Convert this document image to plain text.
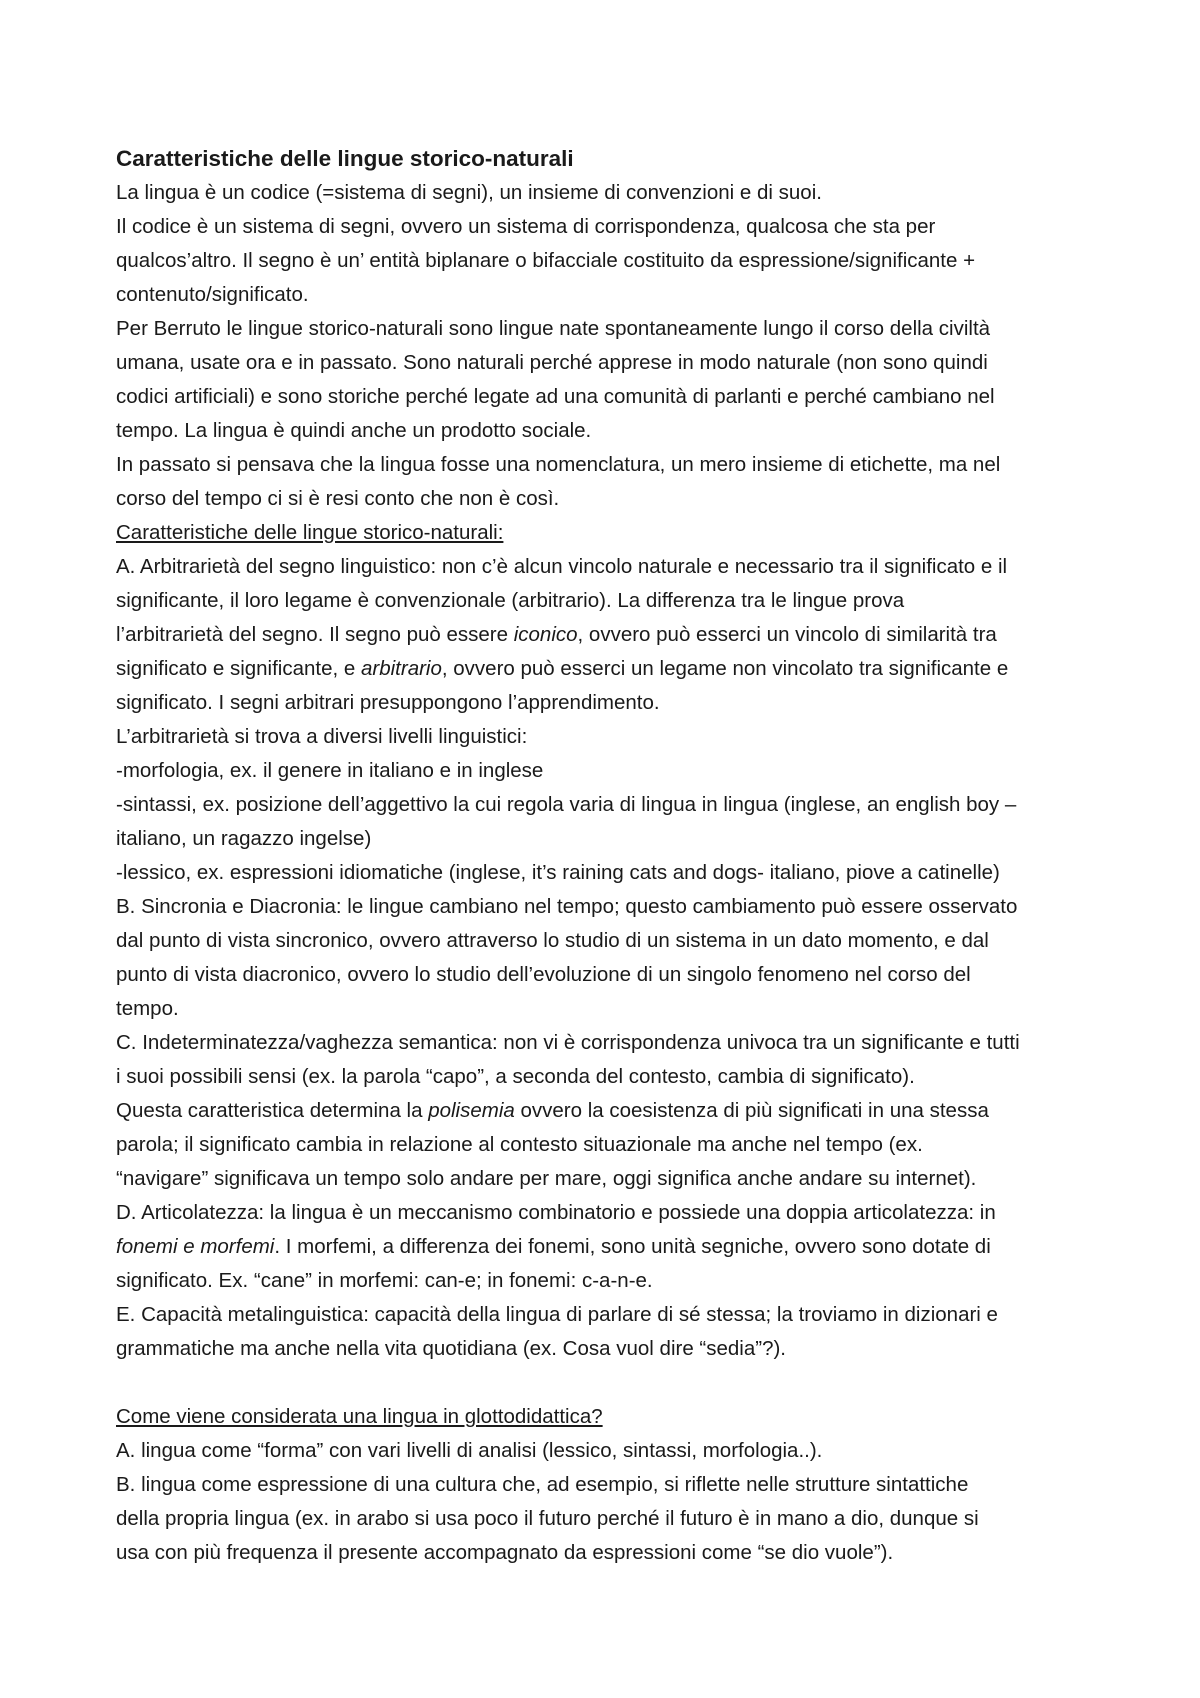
Caratteristiche delle lingue storico-naturali
La lingua è un codice (=sistema di segni), un insieme di convenzioni e di suoi.
Il codice è un sistema di segni, ovvero un sistema di corrispondenza, qualcosa che sta per
qualcos’altro. Il segno è un’ entità biplanare o bifacciale costituito da espressione/significante +
contenuto/significato.
Per Berruto le lingue storico-naturali sono lingue nate spontaneamente lungo il corso della civiltà
umana, usate ora e in passato. Sono naturali perché apprese in modo naturale (non sono quindi
codici artificiali) e sono storiche perché legate ad una comunità di parlanti e perché cambiano nel
tempo. La lingua è quindi anche un prodotto sociale.
In passato si pensava che la lingua fosse una nomenclatura, un mero insieme di etichette, ma nel
corso del tempo ci si è resi conto che non è così.
Caratteristiche delle lingue storico-naturali:
A. Arbitrarietà del segno linguistico: non c’è alcun vincolo naturale e necessario tra il significato e il
significante, il loro legame è convenzionale (arbitrario). La differenza tra le lingue prova
l’arbitrarietà del segno. Il segno può essere iconico, ovvero può esserci un vincolo di similarità tra
significato e significante, e arbitrario, ovvero può esserci un legame non vincolato tra significante e
significato. I segni arbitrari presuppongono l’apprendimento.
L’arbitrarietà si trova a diversi livelli linguistici:
-morfologia, ex. il genere in italiano e in inglese
-sintassi, ex. posizione dell’aggettivo la cui regola varia di lingua in lingua (inglese, an english boy –
italiano, un ragazzo ingelse)
-lessico, ex. espressioni idiomatiche (inglese, it’s raining cats and dogs- italiano, piove a catinelle)
B. Sincronia e Diacronia: le lingue cambiano nel tempo; questo cambiamento può essere osservato
dal punto di vista sincronico, ovvero attraverso lo studio di un sistema in un dato momento, e dal
punto di vista diacronico, ovvero lo studio dell’evoluzione di un singolo fenomeno nel corso del
tempo.
C. Indeterminatezza/vaghezza semantica: non vi è corrispondenza univoca tra un significante e tutti
i suoi possibili sensi (ex. la parola “capo”, a seconda del contesto, cambia di significato).
Questa caratteristica determina la polisemia ovvero la coesistenza di più significati in una stessa
parola; il significato cambia in relazione al contesto situazionale ma anche nel tempo (ex.
“navigare” significava un tempo solo andare per mare, oggi significa anche andare su internet).
D. Articolatezza: la lingua è un meccanismo combinatorio e possiede una doppia articolatezza: in
fonemi e morfemi. I morfemi, a differenza dei fonemi, sono unità segniche, ovvero sono dotate di
significato. Ex. “cane” in morfemi: can-e; in fonemi: c-a-n-e.
E. Capacità metalinguistica: capacità della lingua di parlare di sé stessa; la troviamo in dizionari e
grammatiche ma anche nella vita quotidiana (ex. Cosa vuol dire “sedia”?).
Come viene considerata una lingua in glottodidattica?
A. lingua come “forma” con vari livelli di analisi (lessico, sintassi, morfologia..).
B. lingua come espressione di una cultura che, ad esempio, si riflette nelle strutture sintattiche
della propria lingua (ex. in arabo si usa poco il futuro perché il futuro è in mano a dio, dunque si
usa con più frequenza il presente accompagnato da espressioni come “se dio vuole”).
